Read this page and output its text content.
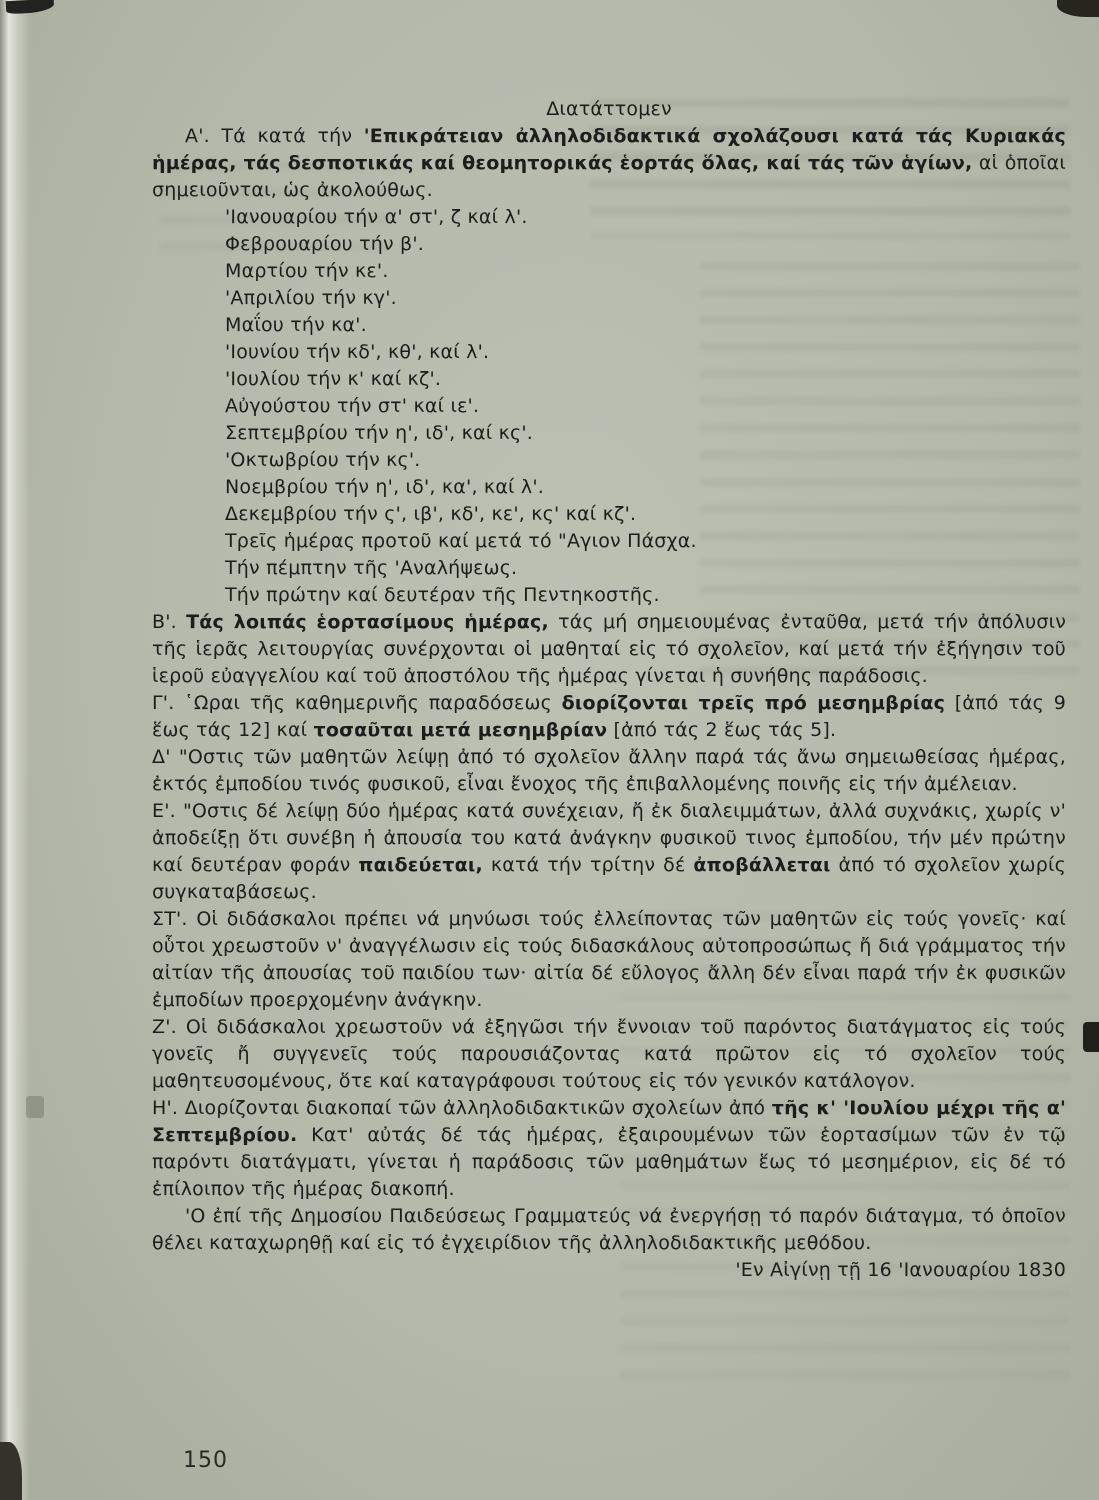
Διατάττομεν

Α'. Τά κατά τήν 'Επικράτειαν ἀλληλοδιδακτικά σχολάζουσι κατά τάς Κυριακάς ἡμέρας, τάς δεσποτικάς καί θεομητορικάς ἑορτάς ὅλας, καί τάς τῶν ἁγίων, αἱ ὁποῖαι σημειοῦνται, ὡς ἀκολούθως.

'Ιανουαρίου τήν α' στ', ζ καί λ'.
Φεβρουαρίου τήν β'.
Μαρτίου τήν κε'.
'Απριλίου τήν κγ'.
Μαΐου τήν κα'.
'Ιουνίου τήν κδ', κθ', καί λ'.
'Ιουλίου τήν κ' καί κζ'.
Αὐγούστου τήν στ' καί ιε'.
Σεπτεμβρίου τήν η', ιδ', καί κς'.
'Οκτωβρίου τήν κς'.
Νοεμβρίου τήν η', ιδ', κα', καί λ'.
Δεκεμβρίου τήν ς', ιβ', κδ', κε', κς' καί κζ'.
Τρεῖς ἡμέρας προτοῦ καί μετά τό "Αγιον Πάσχα.
Τήν πέμπτην τῆς 'Αναλήψεως.
Τήν πρώτην καί δευτέραν τῆς Πεντηκοστῆς.

Β'. Τάς λοιπάς ἑορτασίμους ἡμέρας, τάς μή σημειουμένας ἐνταῦθα, μετά τήν ἀπόλυσιν τῆς ἱερᾶς λειτουργίας συνέρχονται οἱ μαθηταί εἰς τό σχολεῖον, καί μετά τήν ἐξήγησιν τοῦ ἱεροῦ εὐαγγελίου καί τοῦ ἀποστόλου τῆς ἡμέρας γίνεται ἡ συνήθης παράδοσις.

Γ'. ῾Ωραι τῆς καθημερινῆς παραδόσεως διορίζονται τρεῖς πρό μεσημβρίας [ἀπό τάς 9 ἕως τάς 12] καί τοσαῦται μετά μεσημβρίαν [ἀπό τάς 2 ἕως τάς 5].

Δ' "Οστις τῶν μαθητῶν λείψῃ ἀπό τό σχολεῖον ἄλλην παρά τάς ἄνω σημειωθείσας ἡμέρας, ἐκτός ἐμποδίου τινός φυσικοῦ, εἶναι ἔνοχος τῆς ἐπιβαλλομένης ποινῆς εἰς τήν ἀμέλειαν.

Ε'. "Οστις δέ λείψῃ δύο ἡμέρας κατά συνέχειαν, ἤ ἐκ διαλειμμάτων, ἀλλά συχνάκις, χωρίς ν' ἀποδείξῃ ὅτι συνέβη ἡ ἀπουσία του κατά ἀνάγκην φυσικοῦ τινος ἐμποδίου, τήν μέν πρώτην καί δευτέραν φοράν παιδεύεται, κατά τήν τρίτην δέ ἀποβάλλεται ἀπό τό σχολεῖον χωρίς συγκαταβάσεως.

ΣΤ'. Οἱ διδάσκαλοι πρέπει νά μηνύωσι τούς ἐλλείποντας τῶν μαθητῶν εἰς τούς γονεῖς· καί οὗτοι χρεωστοῦν ν' ἀναγγέλωσιν εἰς τούς διδασκάλους αὐτοπροσώπως ἤ διά γράμματος τήν αἰτίαν τῆς ἀπουσίας τοῦ παιδίου των· αἰτία δέ εὔλογος ἄλλη δέν εἶναι παρά τήν ἐκ φυσικῶν ἐμποδίων προερχομένην ἀνάγκην.

Ζ'. Οἱ διδάσκαλοι χρεωστοῦν νά ἐξηγῶσι τήν ἔννοιαν τοῦ παρόντος διατάγματος εἰς τούς γονεῖς ἤ συγγενεῖς τούς παρουσιάζοντας κατά πρῶτον εἰς τό σχολεῖον τούς μαθητευσομένους, ὅτε καί καταγράφουσι τούτους εἰς τόν γενικόν κατάλογον.

Η'. Διορίζονται διακοπαί τῶν ἀλληλοδιδακτικῶν σχολείων ἀπό τῆς κ' 'Ιουλίου μέχρι τῆς α' Σεπτεμβρίου. Κατ' αὐτάς δέ τάς ἡμέρας, ἐξαιρουμένων τῶν ἑορτασίμων τῶν ἐν τῷ παρόντι διατάγματι, γίνεται ἡ παράδοσις τῶν μαθημάτων ἕως τό μεσημέριον, εἰς δέ τό ἐπίλοιπον τῆς ἡμέρας διακοπή.

'Ο ἐπί τῆς Δημοσίου Παιδεύσεως Γραμματεύς νά ἐνεργήσῃ τό παρόν διάταγμα, τό ὁποῖον θέλει καταχωρηθῇ καί εἰς τό ἐγχειρίδιον τῆς ἀλληλοδιδακτικῆς μεθόδου.

'Εν Αἰγίνῃ τῇ 16 'Ιανουαρίου 1830
150
